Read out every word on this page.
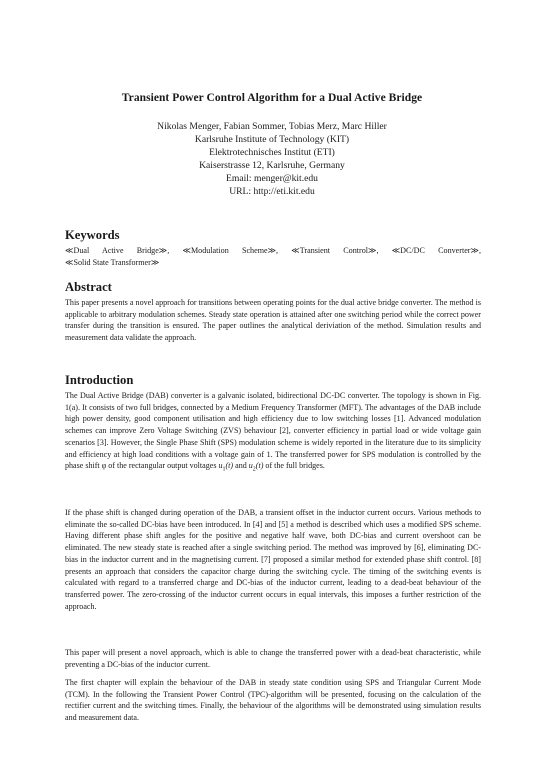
Transient Power Control Algorithm for a Dual Active Bridge
Nikolas Menger, Fabian Sommer, Tobias Merz, Marc Hiller
Karlsruhe Institute of Technology (KIT)
Elektrotechnisches Institut (ETI)
Kaiserstrasse 12, Karlsruhe, Germany
Email: menger@kit.edu
URL: http://eti.kit.edu
Keywords
≪Dual Active Bridge≫, ≪Modulation Scheme≫, ≪Transient Control≫, ≪DC/DC Converter≫,
≪Solid State Transformer≫
Abstract

This paper presents a novel approach for transitions between operating points for the dual active bridge converter. The method is applicable to arbitrary modulation schemes. Steady state operation is attained after one switching period while the correct power transfer during the transition is ensured. The paper outlines the analytical deriviation of the method. Simulation results and measurement data validate the approach.

Introduction

The Dual Active Bridge (DAB) converter is a galvanic isolated, bidirectional DC-DC converter. The topology is shown in Fig. 1(a). It consists of two full bridges, connected by a Medium Frequency Transformer (MFT). The advantages of the DAB include high power density, good component utilisation and high efficiency due to low switching losses [1]. Advanced modulation schemes can improve Zero Voltage Switching (ZVS) behaviour [2], converter efficiency in partial load or wide voltage gain scenarios [3]. However, the Single Phase Shift (SPS) modulation scheme is widely reported in the literature due to its simplicity and efficiency at high load conditions with a voltage gain of 1. The transferred power for SPS modulation is controlled by the phase shift φ of the rectangular output voltages $u_1(t)$ and $u_2(t)$ of the full bridges.

If the phase shift is changed during operation of the DAB, a transient offset in the inductor current occurs. Various methods to eliminate the so-called DC-bias have been introduced. In [4] and [5] a method is described which uses a modified SPS scheme. Having different phase shift angles for the positive and negative half wave, both DC-bias and current overshoot can be eliminated. The new steady state is reached after a single switching period. The method was improved by [6], eliminating DC-bias in the inductor current and in the magnetising current. [7] proposed a similar method for extended phase shift control. [8] presents an approach that considers the capacitor charge during the switching cycle. The timing of the switching events is calculated with regard to a transferred charge and DC-bias of the inductor current, leading to a dead-beat behaviour of the transferred power. The zero-crossing of the inductor current occurs in equal intervals, this imposes a further restriction of the approach.

This paper will present a novel approach, which is able to change the transferred power with a dead-beat characteristic, while preventing a DC-bias of the inductor current.

The first chapter will explain the behaviour of the DAB in steady state condition using SPS and Triangular Current Mode (TCM). In the following the Transient Power Control (TPC)-algorithm will be presented, focusing on the calculation of the rectifier current and the switching times. Finally, the behaviour of the algorithms will be demonstrated using simulation results and measurement data.
